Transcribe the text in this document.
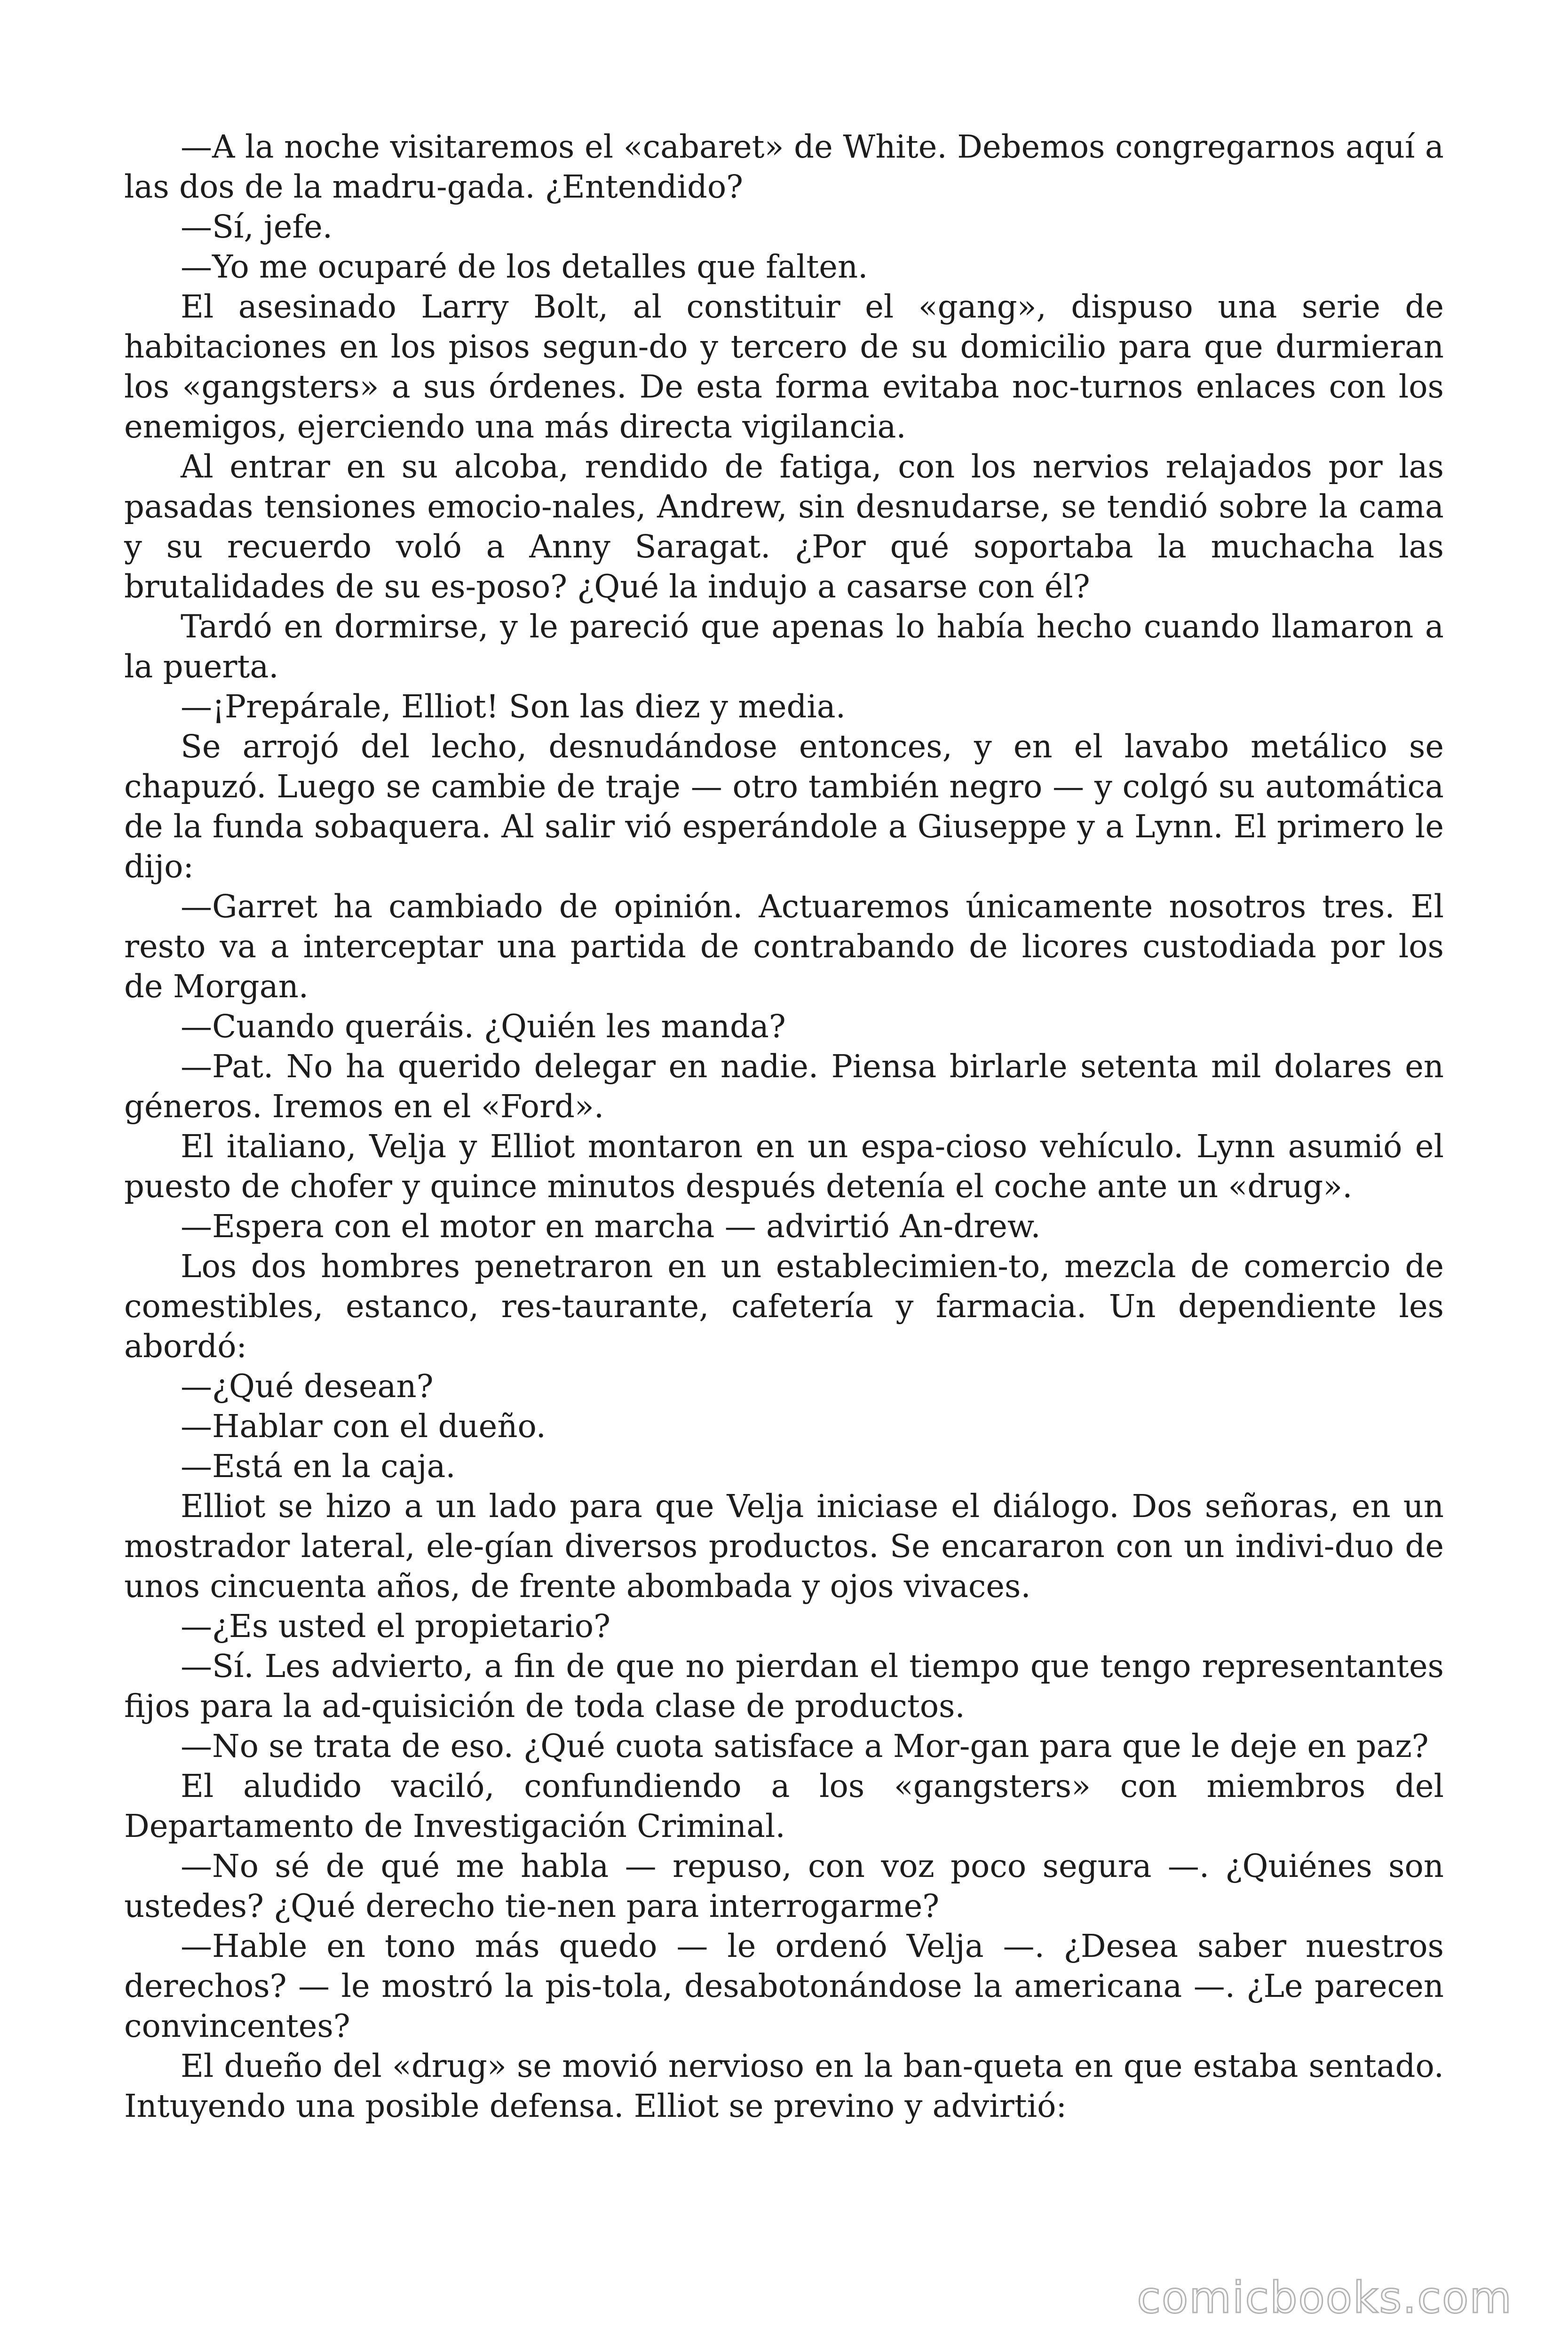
—A la noche visitaremos el «cabaret» de White. Debemos congregarnos aquí a las dos de la madru-gada. ¿Entendido?

—Sí, jefe.

—Yo me ocuparé de los detalles que falten.

El asesinado Larry Bolt, al constituir el «gang», dispuso una serie de habitaciones en los pisos segun-do y tercero de su domicilio para que durmieran los «gangsters» a sus órdenes. De esta forma evitaba noc-turnos enlaces con los enemigos, ejerciendo una más directa vigilancia.

Al entrar en su alcoba, rendido de fatiga, con los nervios relajados por las pasadas tensiones emocio-nales, Andrew, sin desnudarse, se tendió sobre la cama y su recuerdo voló a Anny Saragat. ¿Por qué soportaba la muchacha las brutalidades de su es-poso? ¿Qué la indujo a casarse con él?

Tardó en dormirse, y le pareció que apenas lo había hecho cuando llamaron a la puerta.

—¡Prepárale, Elliot! Son las diez y media.

Se arrojó del lecho, desnudándose entonces, y en el lavabo metálico se chapuzó. Luego se cambie de traje — otro también negro — y colgó su automática de la funda sobaquera. Al salir vió esperándole a Giuseppe y a Lynn. El primero le dijo:

—Garret ha cambiado de opinión. Actuaremos únicamente nosotros tres. El resto va a interceptar una partida de contrabando de licores custodiada por los de Morgan.

—Cuando queráis. ¿Quién les manda?

—Pat. No ha querido delegar en nadie. Piensa birlarle setenta mil dolares en géneros. Iremos en el «Ford».

El italiano, Velja y Elliot montaron en un espa-cioso vehículo. Lynn asumió el puesto de chofer y quince minutos después detenía el coche ante un «drug».

—Espera con el motor en marcha — advirtió An-drew.

Los dos hombres penetraron en un establecimien-to, mezcla de comercio de comestibles, estanco, res-taurante, cafetería y farmacia. Un dependiente les abordó:

—¿Qué desean?

—Hablar con el dueño.

—Está en la caja.

Elliot se hizo a un lado para que Velja iniciase el diálogo. Dos señoras, en un mostrador lateral, ele-gían diversos productos. Se encararon con un indivi-duo de unos cincuenta años, de frente abombada y ojos vivaces.

—¿Es usted el propietario?

—Sí. Les advierto, a fin de que no pierdan el tiempo que tengo representantes fijos para la ad-quisición de toda clase de productos.

—No se trata de eso. ¿Qué cuota satisface a Mor-gan para que le deje en paz?

El aludido vaciló, confundiendo a los «gangsters» con miembros del Departamento de Investigación Criminal.

—No sé de qué me habla — repuso, con voz poco segura —. ¿Quiénes son ustedes? ¿Qué derecho tie-nen para interrogarme?

—Hable en tono más quedo — le ordenó Velja —. ¿Desea saber nuestros derechos? — le mostró la pis-tola, desabotonándose la americana —. ¿Le parecen convincentes?

El dueño del «drug» se movió nervioso en la ban-queta en que estaba sentado. Intuyendo una posible defensa. Elliot se previno y advirtió:

comicbooks.com
